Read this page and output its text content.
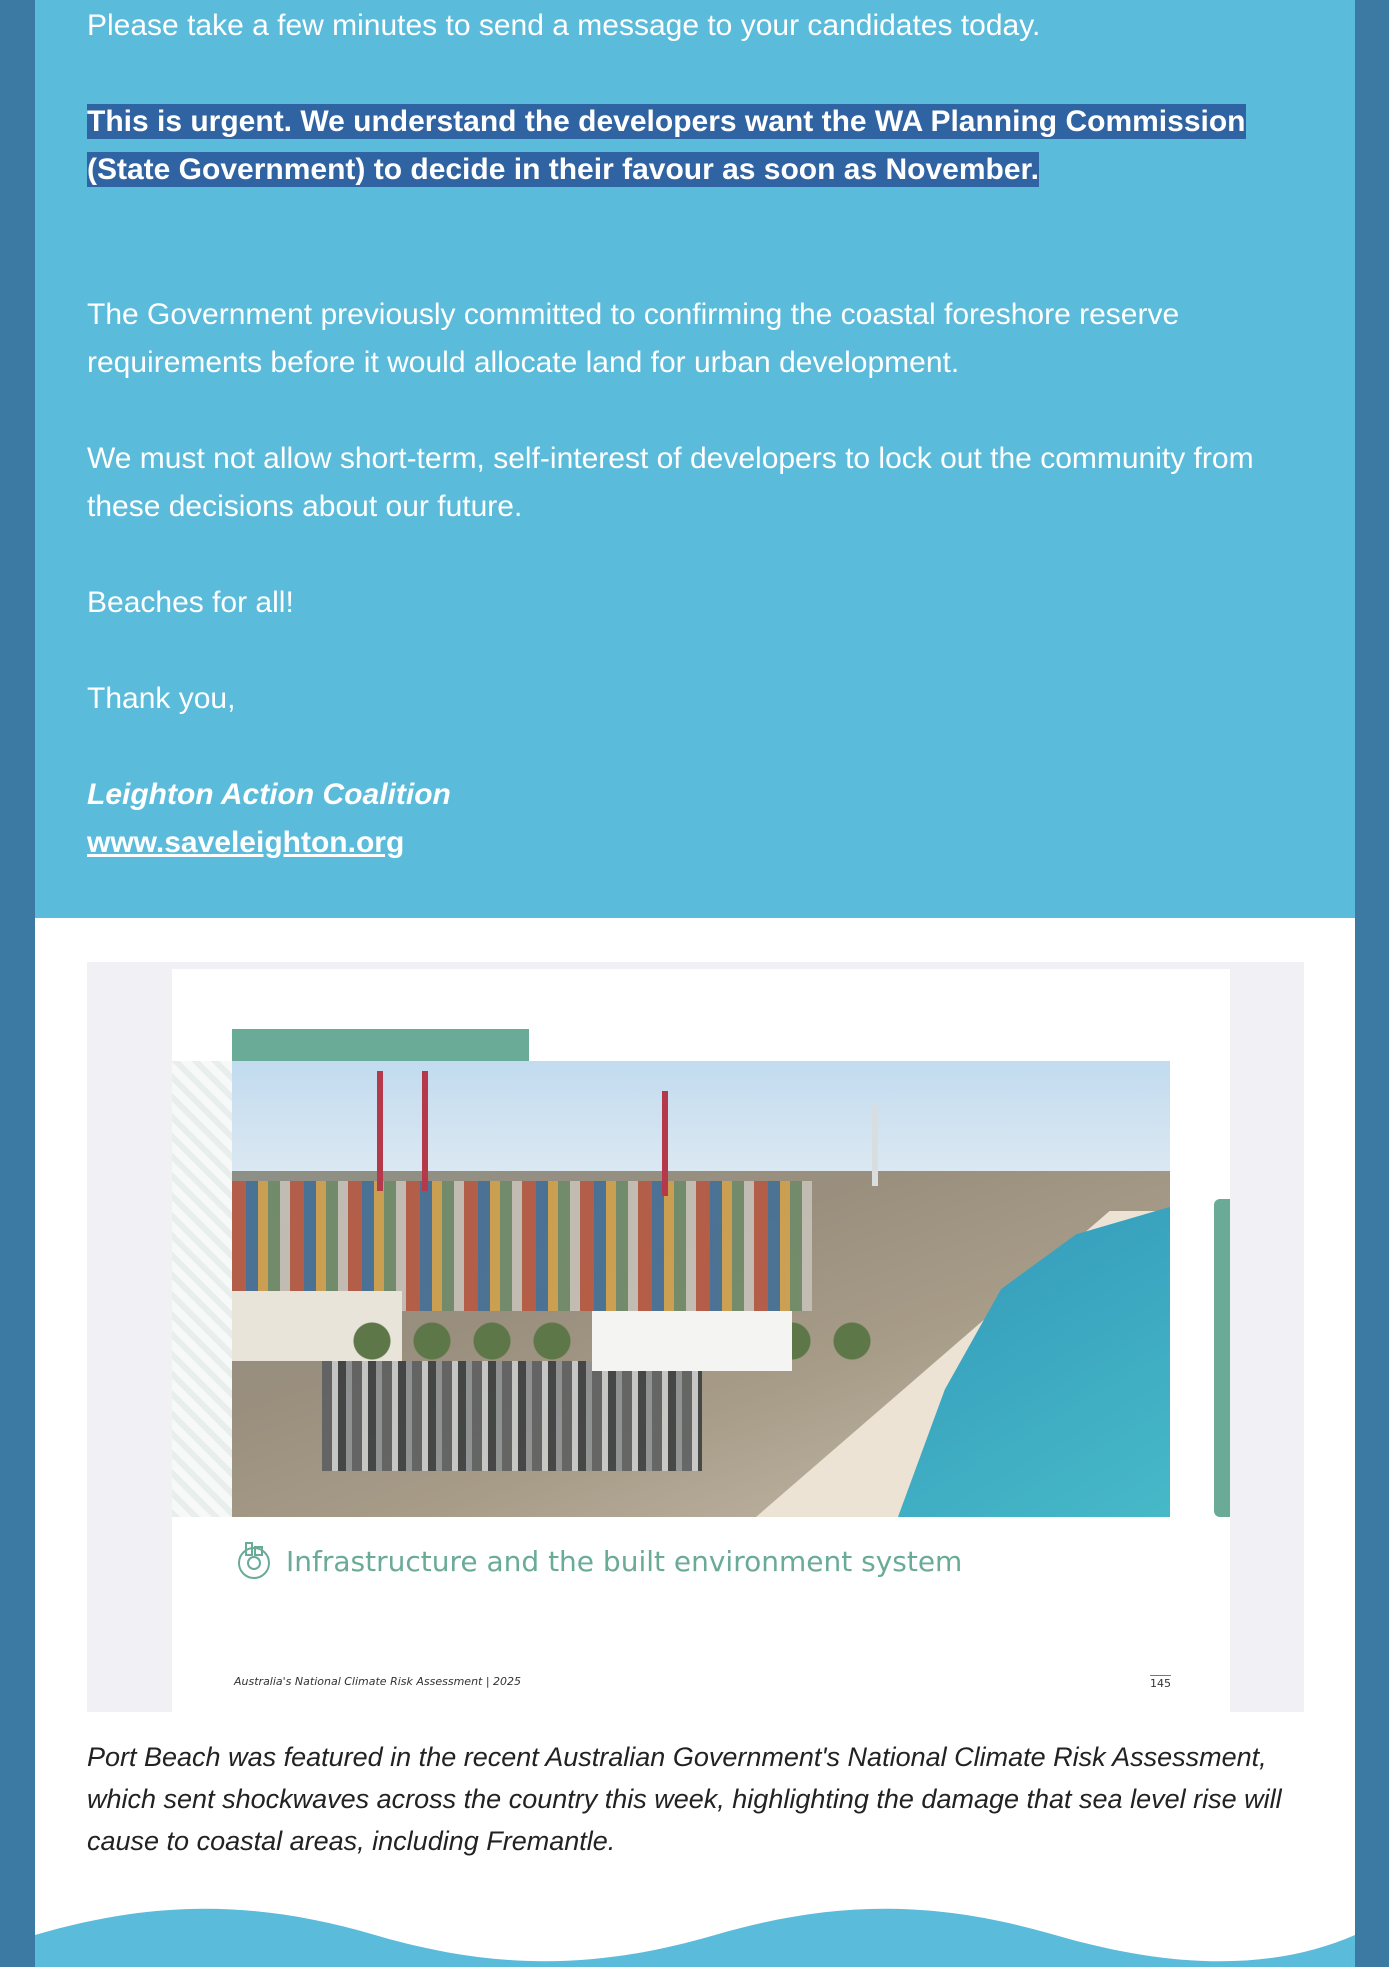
Please take a few minutes to send a message to your candidates today.

This is urgent. We understand the developers want the WA Planning Commission (State Government) to decide in their favour as soon as November.

The Government previously committed to confirming the coastal foreshore reserve requirements before it would allocate land for urban development.

We must not allow short-term, self-interest of developers to lock out the community from these decisions about our future.

Beaches for all!

Thank you,

Leighton Action Coalition

www.saveleighton.org

Infrastructure and the built environment system
Australia's National Climate Risk Assessment | 2025	145

Port Beach was featured in the recent Australian Government's National Climate Risk Assessment, which sent shockwaves across the country this week, highlighting the damage that sea level rise will cause to coastal areas, including Fremantle.
